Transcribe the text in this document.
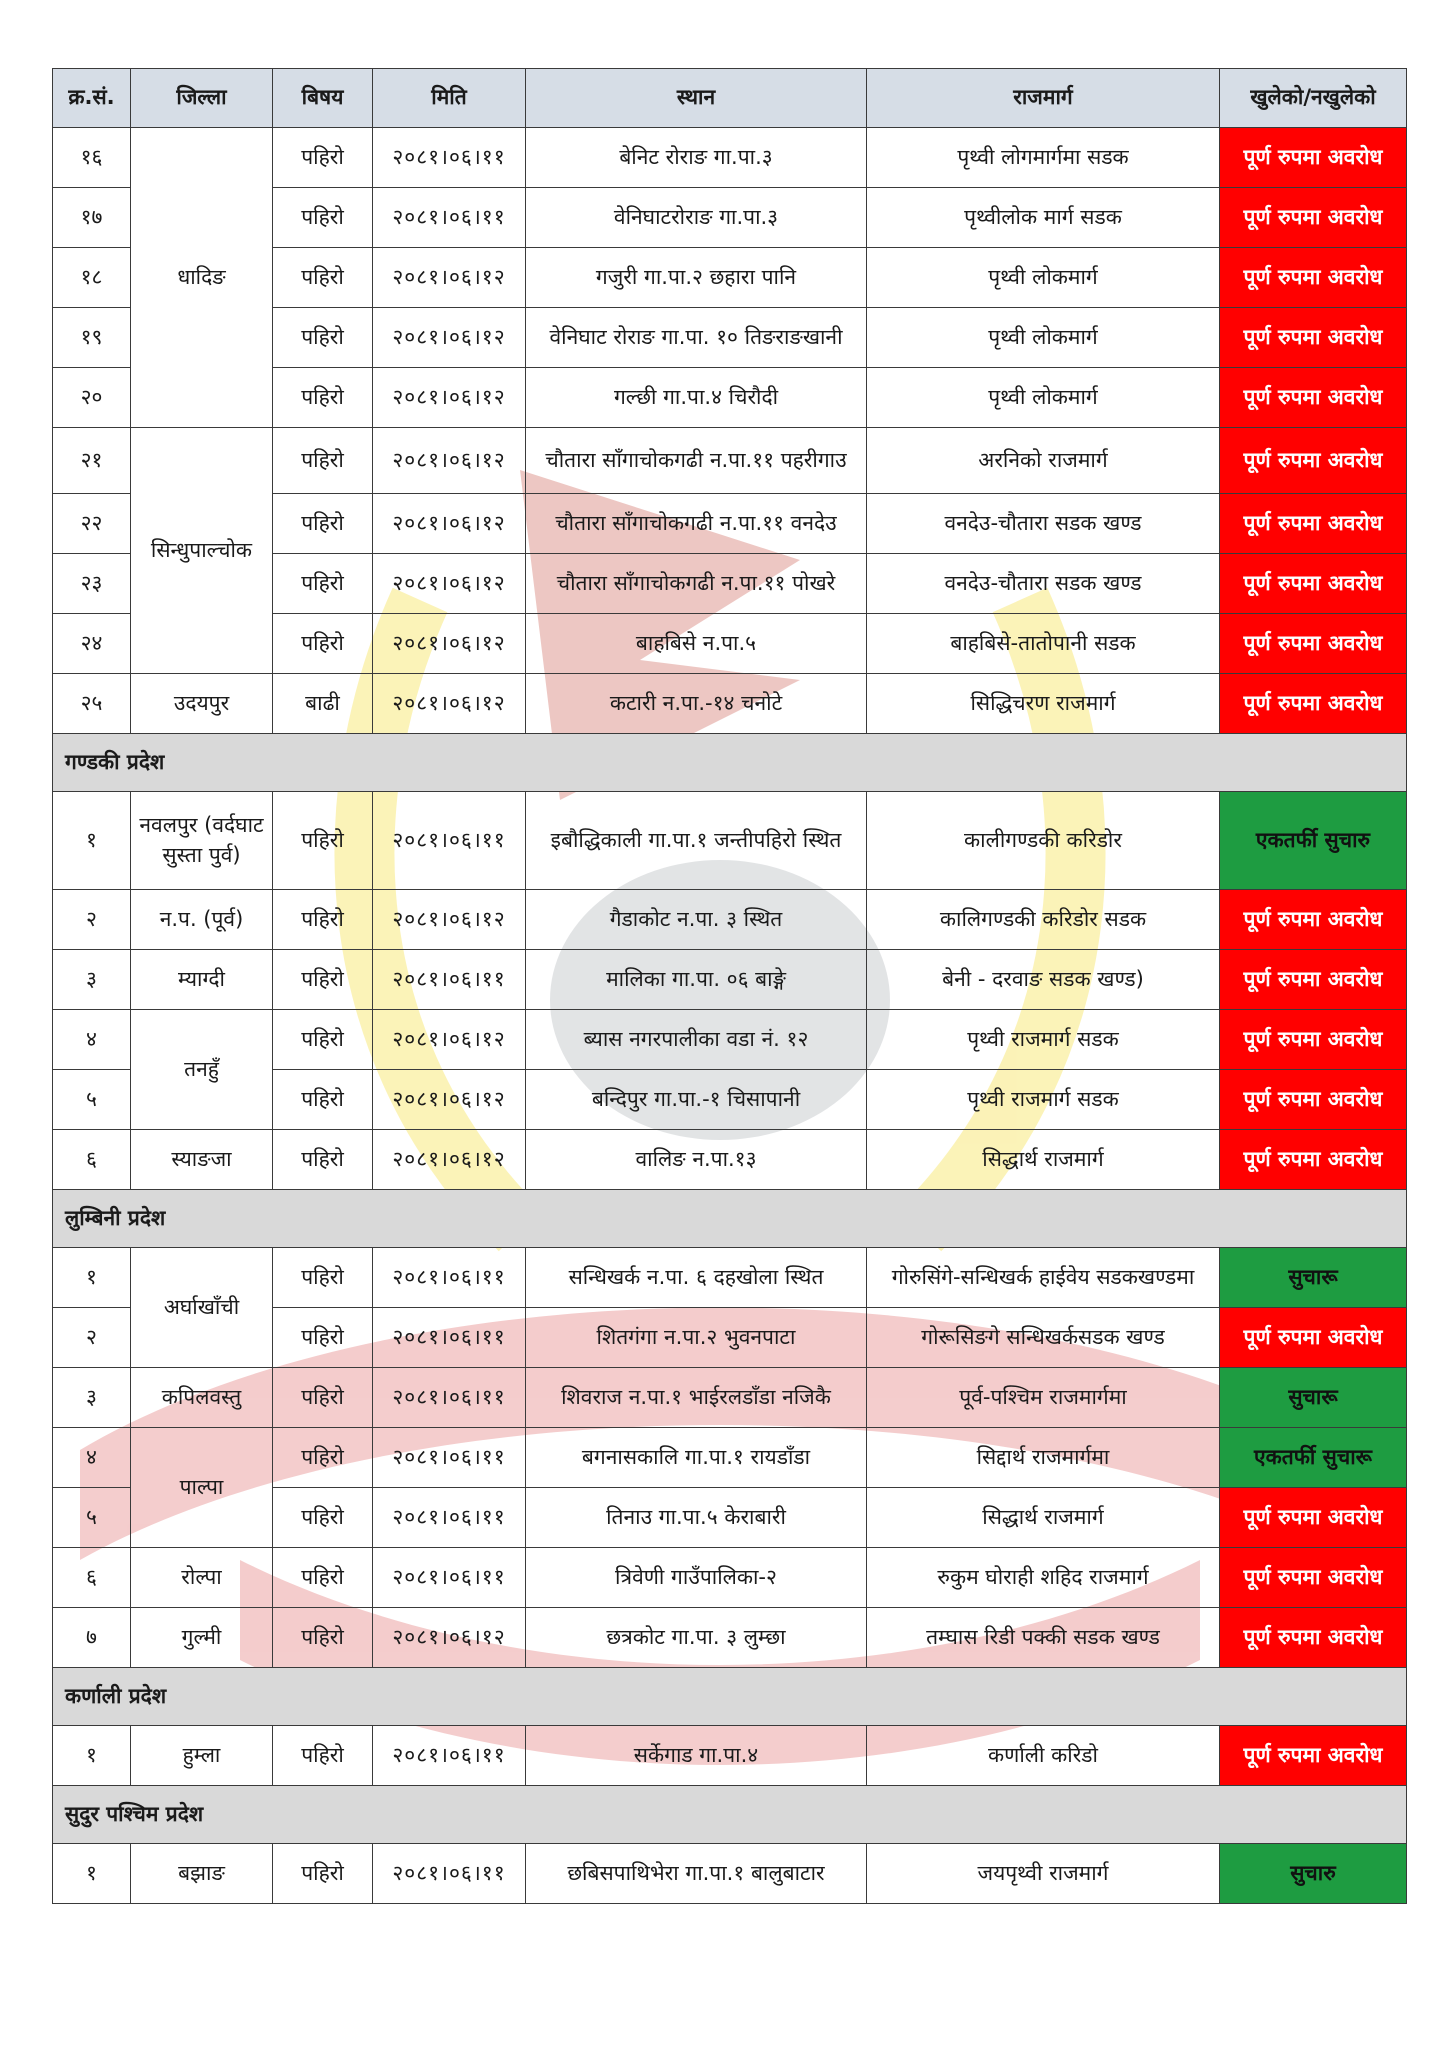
क्र.सं.	जिल्ला	बिषय	मिति	स्थान	राजमार्ग	खुलेको/नखुलेको
१६	धादिङ	पहिरो	२०८१।०६।११	बेनिट रोराङ गा.पा.३	पृथ्वी लोगमार्गमा सडक	पूर्ण रुपमा अवरोध
१७		पहिरो	२०८१।०६।११	वेनिघाटरोराङ गा.पा.३	पृथ्वीलोक मार्ग सडक	पूर्ण रुपमा अवरोध
१८		पहिरो	२०८१।०६।१२	गजुरी गा.पा.२ छहारा पानि	पृथ्वी लोकमार्ग	पूर्ण रुपमा अवरोध
१९		पहिरो	२०८१।०६।१२	वेनिघाट रोराङ गा.पा. १० तिङराङखानी	पृथ्वी लोकमार्ग	पूर्ण रुपमा अवरोध
२०		पहिरो	२०८१।०६।१२	गल्छी गा.पा.४ चिरौदी	पृथ्वी लोकमार्ग	पूर्ण रुपमा अवरोध
२१	सिन्धुपाल्चोक	पहिरो	२०८१।०६।१२	चौतारा साँगाचोकगढी न.पा.११ पहरीगाउ	अरनिको राजमार्ग	पूर्ण रुपमा अवरोध
२२		पहिरो	२०८१।०६।१२	चौतारा साँगाचोकगढी न.पा.११ वनदेउ	वनदेउ-चौतारा सडक खण्ड	पूर्ण रुपमा अवरोध
२३		पहिरो	२०८१।०६।१२	चौतारा साँगाचोकगढी न.पा.११ पोखरे	वनदेउ-चौतारा सडक खण्ड	पूर्ण रुपमा अवरोध
२४		पहिरो	२०८१।०६।१२	बाहबिसे न.पा.५	बाहबिसे-तातोपानी सडक	पूर्ण रुपमा अवरोध
२५	उदयपुर	बाढी	२०८१।०६।१२	कटारी न.पा.-१४ चनोटे	सिद्धिचरण राजमार्ग	पूर्ण रुपमा अवरोध
गण्डकी प्रदेश						
१	नवलपुर (वर्दघाट सुस्ता पुर्व)	पहिरो	२०८१।०६।११	इबौद्धिकाली गा.पा.१ जन्तीपहिरो स्थित	कालीगण्डकी करिडोर	एकतर्फी सुचारु
२	न.प. (पूर्व)	पहिरो	२०८१।०६।१२	गैडाकोट न.पा. ३ स्थित	कालिगण्डकी करिडोर सडक	पूर्ण रुपमा अवरोध
३	म्याग्दी	पहिरो	२०८१।०६।११	मालिका गा.पा. ०६ बाङ्गे	बेनी - दरवाङ सडक खण्ड)	पूर्ण रुपमा अवरोध
४	तनहुँ	पहिरो	२०८१।०६।१२	ब्यास नगरपालीका वडा नं. १२	पृथ्वी राजमार्ग सडक	पूर्ण रुपमा अवरोध
५		पहिरो	२०८१।०६।१२	बन्दिपुर गा.पा.-१ चिसापानी	पृथ्वी राजमार्ग सडक	पूर्ण रुपमा अवरोध
६	स्याङजा	पहिरो	२०८१।०६।१२	वालिङ न.पा.१३	सिद्धार्थ राजमार्ग	पूर्ण रुपमा अवरोध
लुम्बिनी प्रदेश						
१	अर्घाखाँची	पहिरो	२०८१।०६।११	सन्धिखर्क न.पा. ६ दहखोला स्थित	गोरुसिंगे-सन्धिखर्क हाईवेय सडकखण्डमा	सुचारू
२		पहिरो	२०८१।०६।११	शितगंगा न.पा.२ भुवनपाटा	गोरूसिङगे सन्धिखर्कसडक खण्ड	पूर्ण रुपमा अवरोध
३	कपिलवस्तु	पहिरो	२०८१।०६।११	शिवराज न.पा.१ भाईरलडाँडा नजिकै	पूर्व-पश्चिम राजमार्गमा	सुचारू
४	पाल्पा	पहिरो	२०८१।०६।११	बगनासकालि गा.पा.१ रायडाँडा	सिद्दार्थ राजमार्गमा	एकतर्फी सुचारू
५		पहिरो	२०८१।०६।११	तिनाउ गा.पा.५ केराबारी	सिद्धार्थ राजमार्ग	पूर्ण रुपमा अवरोध
६	रोल्पा	पहिरो	२०८१।०६।११	त्रिवेणी गाउँपालिका-२	रुकुम घोराही शहिद राजमार्ग	पूर्ण रुपमा अवरोध
७	गुल्मी	पहिरो	२०८१।०६।१२	छत्रकोट गा.पा. ३ लुम्छा	तम्घास रिडी पक्की सडक खण्ड	पूर्ण रुपमा अवरोध
कर्णाली प्रदेश						
१	हुम्ला	पहिरो	२०८१।०६।११	सर्केगाड गा.पा.४	कर्णाली करिडो	पूर्ण रुपमा अवरोध
सुदुर पश्चिम प्रदेश						
१	बझाङ	पहिरो	२०८१।०६।११	छबिसपाथिभेरा गा.पा.१ बालुबाटार	जयपृथ्वी राजमार्ग	सुचारु
